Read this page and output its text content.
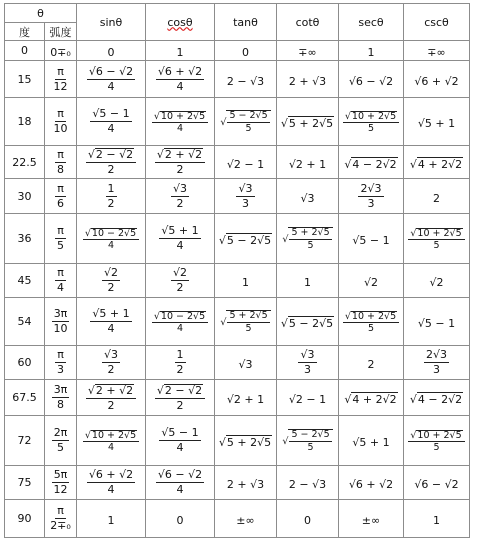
θ		sinθ	cosθ	tanθ	cotθ	secθ	cscθ
度	弧度						
0	0∓₀	0	1	0	∓∞	1	∓∞
15	$\frac{\pi}{12}$	$\frac{√6 - √2}{4}$	$\frac{√6 + √2}{4}$	2 − √3	2 + √3	√6 − √2	√6 + √2
18	$\frac{\pi}{10}$	$\frac{√5 - 1}{4}$	$\frac{√10 + 2√5}{4}$	√ $\frac{5 - 2√5}{5}$	√5 + 2√5	$\frac{√10 + 2√5}{5}$	√5 + 1
22.5	$\frac{\pi}{8}$	$\frac{√2 - √2}{2}$	$\frac{√2 + √2}{2}$	√2 − 1	√2 + 1	√4 − 2√2	√4 + 2√2
30	$\frac{\pi}{6}$	$\frac{1}{2}$	$\frac{√3}{2}$	$\frac{√3}{3}$	√3	$\frac{2√3}{3}$	2
36	$\frac{\pi}{5}$	$\frac{√10 - 2√5}{4}$	$\frac{√5 + 1}{4}$	√5 − 2√5	√ $\frac{5 + 2√5}{5}$	√5 − 1	$\frac{√10 + 2√5}{5}$

45	$\frac{\pi}{4}$	$\frac{√2}{2}$	$\frac{√2}{2}$	1	1	√2	√2
54	$\frac{3\pi}{10}$	$\frac{√5 + 1}{4}$	$\frac{√10 - 2√5}{4}$	√ $\frac{5 + 2√5}{5}$	√5 − 2√5	$\frac{√10 + 2√5}{5}$	√5 − 1
60	$\frac{\pi}{3}$	$\frac{√3}{2}$	$\frac{1}{2}$	√3	$\frac{√3}{3}$	2	$\frac{2√3}{3}$

67.5	$\frac{3\pi}{8}$	$\frac{√2 + √2}{2}$	$\frac{√2 - √2}{2}$	√2 + 1	√2 − 1	√4 + 2√2	√4 − 2√2
72	$\frac{2\pi}{5}$	$\frac{√10 + 2√5}{4}$	$\frac{√5 - 1}{4}$	√5 + 2√5	√ $\frac{5 - 2√5}{5}$	√5 + 1	$\frac{√10 + 2√5}{5}$

75	$\frac{5\pi}{12}$	$\frac{√6 + √2}{4}$	$\frac{√6 - √2}{4}$	2 + √3	2 − √3	√6 + √2	√6 − √2
90	$\frac{\pi}{\text{2∓₀}}$	1	0	±∞	0	±∞	1
